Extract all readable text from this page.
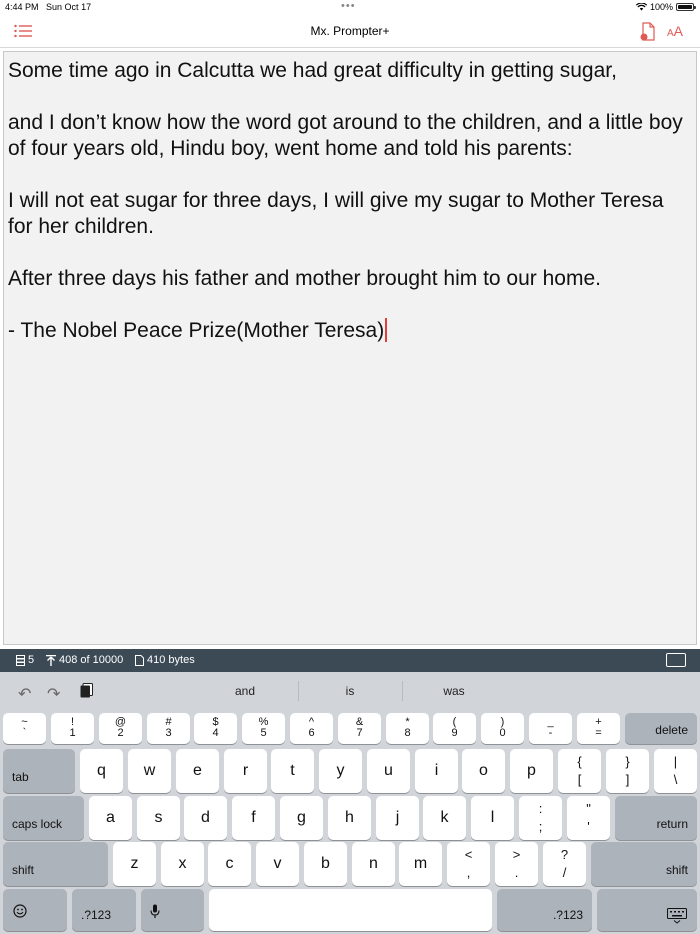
4:44 PM Sun Oct 17	•••	100%
Mx. Prompter+	AA

Some time ago in Calcutta we had great difficulty in getting sugar,

and I don’t know how the word got around to the children, and a little boy of four years old, Hindu boy, went home and told his parents:

I will not eat sugar for three days, I will give my sugar to Mother Teresa for her children.

After three days his father and mother brought him to our home.

- The Nobel Peace Prize(Mother Teresa)

5 408 of 10000 410 bytes
↶ ↷	and	is	was
~
`
!
1
@
2
#
3
$
4
%
5
^
6
&
7
*
8
(
9
)
0
_
-
+
=	delete
tab	q	w	e	r	t	y	u	i	o	p
{
[
}
]
|
\
caps lock	a	s	d	f	g	h	j	k	l
:
;
"
'	return
shift	z	x	c	v	b	n	m
<
,
>
.
?
/	shift
.?123	.?123
